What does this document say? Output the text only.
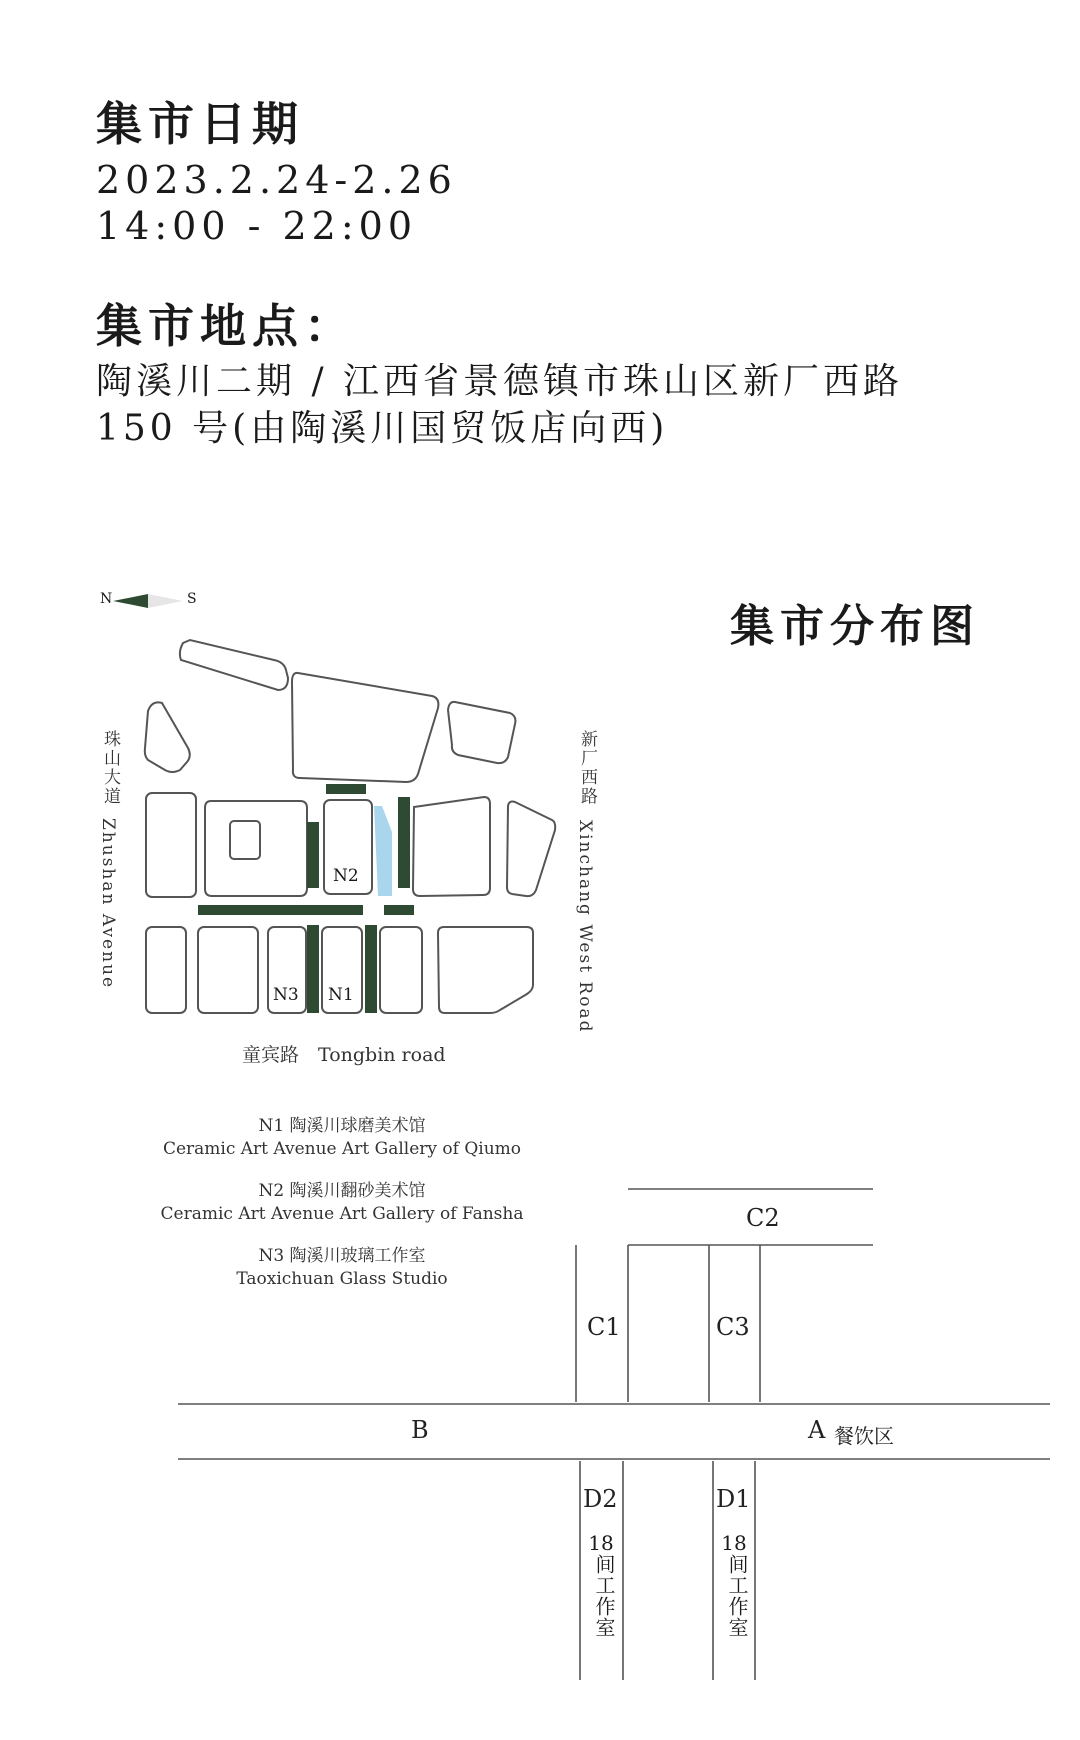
集市日期
2023.2.24-2.26
14:00 - 22:00
集市地点：
陶溪川二期 / 江西省景德镇市珠山区新厂西路
150 号(由陶溪川国贸饭店向西)
集市分布图
N	S
珠山大道
Zhushan Avenue
新厂西路
Xinchang West Road
童宾路　Tongbin road
N2
N3 N1
N1 陶溪川球磨美术馆
Ceramic Art Avenue Art Gallery of Qiumo
N2 陶溪川翻砂美术馆
Ceramic Art Avenue Art Gallery of Fansha
N3 陶溪川玻璃工作室
Taoxichuan Glass Studio
C2
C1	C3
B	A 餐饮区
D2
18
间工作室
D1
18
间工作室
